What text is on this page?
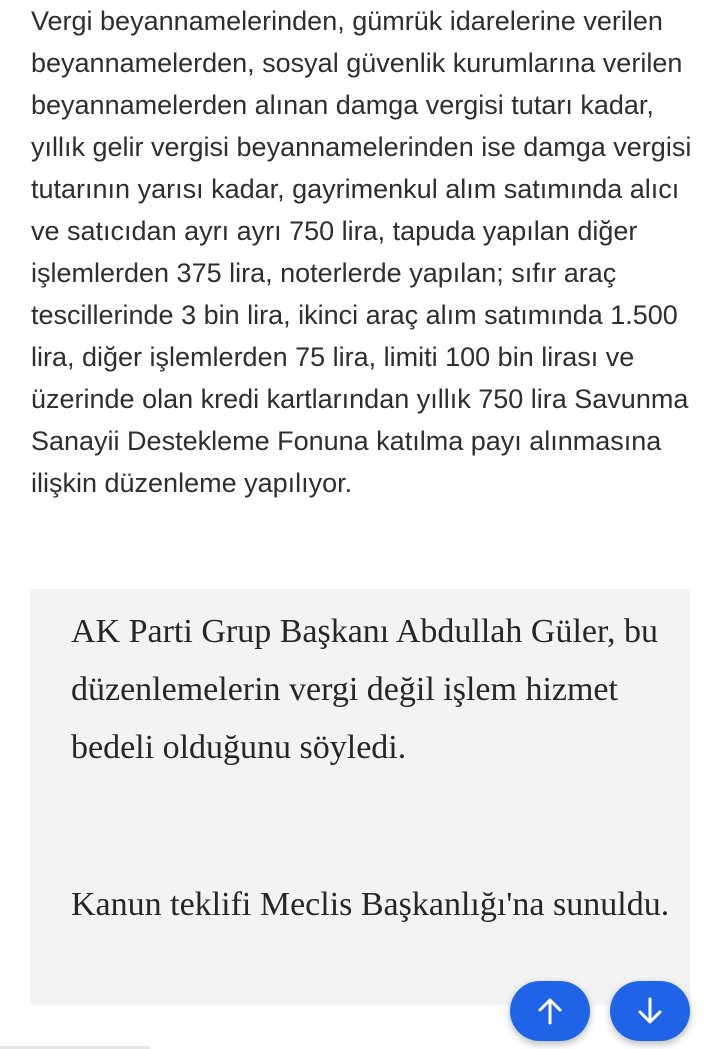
Vergi beyannamelerinden, gümrük idarelerine verilen beyannamelerden, sosyal güvenlik kurumlarına verilen beyannamelerden alınan damga vergisi tutarı kadar, yıllık gelir vergisi beyannamelerinden ise damga vergisi tutarının yarısı kadar, gayrimenkul alım satımında alıcı ve satıcıdan ayrı ayrı 750 lira, tapuda yapılan diğer işlemlerden 375 lira, noterlerde yapılan; sıfır araç tescillerinde 3 bin lira, ikinci araç alım satımında 1.500 lira, diğer işlemlerden 75 lira, limiti 100 bin lirası ve üzerinde olan kredi kartlarından yıllık 750 lira Savunma Sanayii Destekleme Fonuna katılma payı alınmasına ilişkin düzenleme yapılıyor.

AK Parti Grup Başkanı Abdullah Güler, bu düzenlemelerin vergi değil işlem hizmet bedeli olduğunu söyledi.

Kanun teklifi Meclis Başkanlığı'na sunuldu.
